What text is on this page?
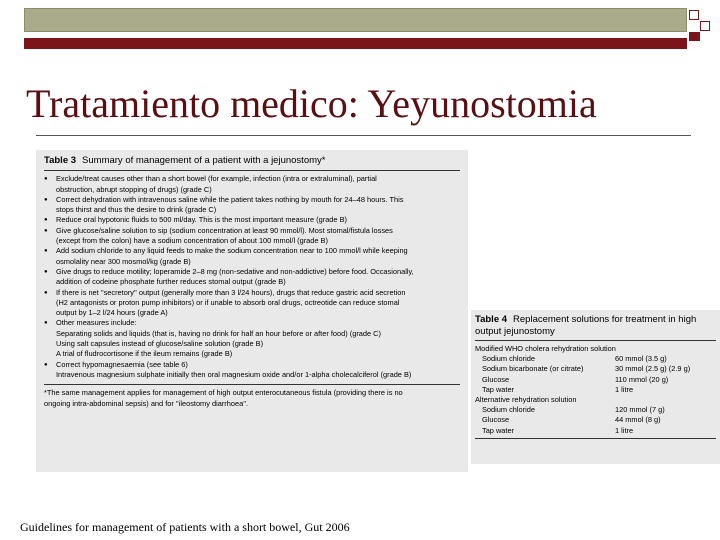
Tratamiento medico: Yeyunostomia
Table 3 Summary of management of a patient with a jejunostomy*

● Exclude/treat causes other than a short bowel (for example, infection (intra or extraluminal), partial

obstruction, abrupt stopping of drugs) (grade C)

● Correct dehydration with intravenous saline while the patient takes nothing by mouth for 24–48 hours. This

stops thirst and thus the desire to drink (grade C)

● Reduce oral hypotonic fluids to 500 ml/day. This is the most important measure (grade B)

● Give glucose/saline solution to sip (sodium concentration at least 90 mmol/l). Most stomal/fistula losses

(except from the colon) have a sodium concentration of about 100 mmol/l (grade B)

● Add sodium chloride to any liquid feeds to make the sodium concentration near to 100 mmol/l while keeping

osmolality near 300 mosmol/kg (grade B)

● Give drugs to reduce motility; loperamide 2–8 mg (non-sedative and non-addictive) before food. Occasionally,

addition of codeine phosphate further reduces stomal output (grade B)

● If there is net ''secretory'' output (generally more than 3 l/24 hours), drugs that reduce gastric acid secretion

(H2 antagonists or proton pump inhibitors) or if unable to absorb oral drugs, octreotide can reduce stomal

output by 1–2 l/24 hours (grade A)

● Other measures include:

Separating solids and liquids (that is, having no drink for half an hour before or after food) (grade C)

Using salt capsules instead of glucose/saline solution (grade B)

A trial of fludrocortisone if the ileum remains (grade B)

● Correct hypomagnesaemia (see table 6)

Intravenous magnesium sulphate initially then oral magnesium oxide and/or 1-alpha cholecalciferol (grade B)

*The same management applies for management of high output enterocutaneous fistula (providing there is no

ongoing intra-abdominal sepsis) and for ''ileostomy diarrhoea''.

Table 4 Replacement solutions for treatment in high output jejunostomy
Modified WHO cholera rehydration solution
Sodium chloride	60 mmol (3.5 g)
Sodium bicarbonate (or citrate)	30 mmol (2.5 g) (2.9 g)
Glucose	110 mmol (20 g)
Tap water	1 litre
Alternative rehydration solution
Sodium chloride	120 mmol (7 g)
Glucose	44 mmol (8 g)
Tap water	1 litre
Guidelines for management of patients with a short bowel, Gut 2006
